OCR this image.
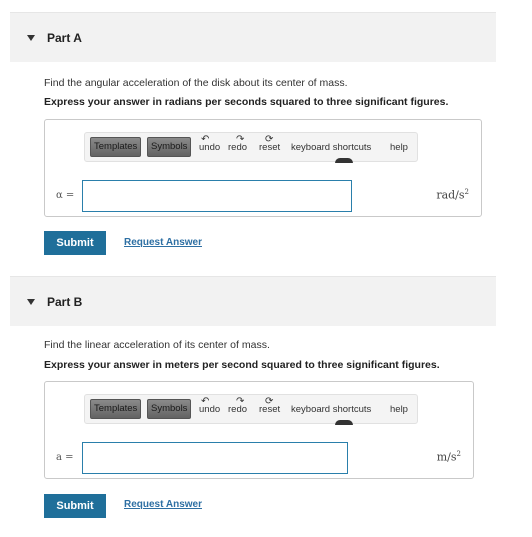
Part A
Find the angular acceleration of the disk about its center of mass.
Express your answer in radians per seconds squared to three significant figures.
Templates	Symbols
↶
undo
↷
redo
⟳
reset keyboard shortcuts help
α =	rad/$s^2$
Submit	Request Answer
Part B
Find the linear acceleration of its center of mass.
Express your answer in meters per second squared to three significant figures.
Templates	Symbols
↶
undo
↷
redo
⟳
reset keyboard shortcuts help
a =	$m/s^2$
Submit	Request Answer
